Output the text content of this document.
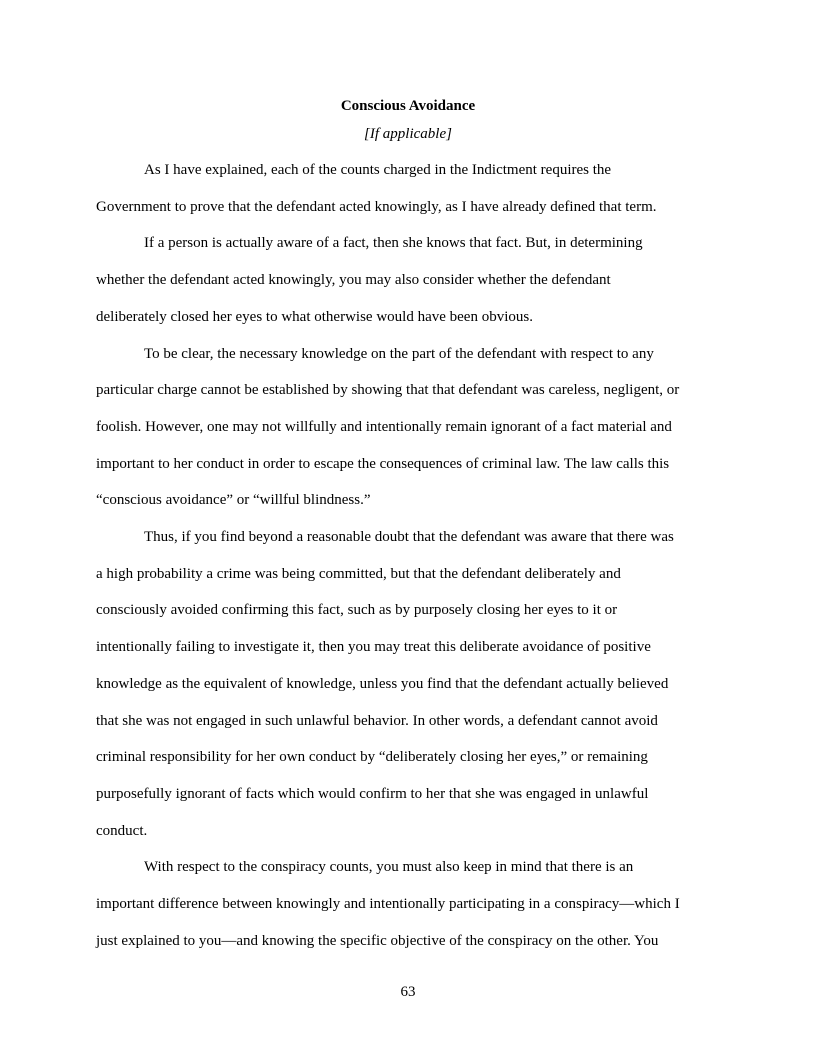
Conscious Avoidance

[If applicable]

As I have explained, each of the counts charged in the Indictment requires the
Government to prove that the defendant acted knowingly, as I have already defined that term.

If a person is actually aware of a fact, then she knows that fact. But, in determining
whether the defendant acted knowingly, you may also consider whether the defendant
deliberately closed her eyes to what otherwise would have been obvious.

To be clear, the necessary knowledge on the part of the defendant with respect to any
particular charge cannot be established by showing that that defendant was careless, negligent, or
foolish. However, one may not willfully and intentionally remain ignorant of a fact material and
important to her conduct in order to escape the consequences of criminal law. The law calls this
“conscious avoidance” or “willful blindness.”

Thus, if you find beyond a reasonable doubt that the defendant was aware that there was
a high probability a crime was being committed, but that the defendant deliberately and
consciously avoided confirming this fact, such as by purposely closing her eyes to it or
intentionally failing to investigate it, then you may treat this deliberate avoidance of positive
knowledge as the equivalent of knowledge, unless you find that the defendant actually believed
that she was not engaged in such unlawful behavior. In other words, a defendant cannot avoid
criminal responsibility for her own conduct by “deliberately closing her eyes,” or remaining
purposefully ignorant of facts which would confirm to her that she was engaged in unlawful
conduct.

With respect to the conspiracy counts, you must also keep in mind that there is an
important difference between knowingly and intentionally participating in a conspiracy—which I
just explained to you—and knowing the specific objective of the conspiracy on the other. You

63
